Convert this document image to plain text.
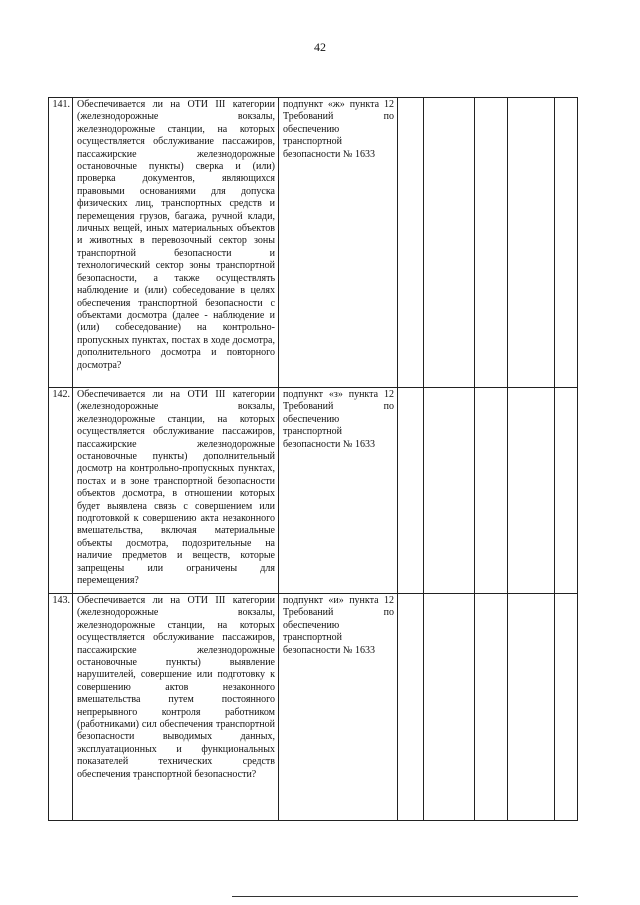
42
141.	Обеспечивается ли на ОТИ III категории (железнодорожные вокзалы, железнодорожные станции, на которых осуществляется обслуживание пассажиров, пассажирские железнодорожные остановочные пункты) сверка и (или) проверка документов, являющихся правовыми основаниями для допуска физических лиц, транспортных средств и перемещения грузов, багажа, ручной клади, личных вещей, иных материальных объектов и животных в перевозочный сектор зоны транспортной безопасности и технологический сектор зоны транспортной безопасности, а также осуществлять наблюдение и (или) собеседование в целях обеспечения транспортной безопасности с объектами досмотра (далее - наблюдение и (или) собеседование) на контрольно-пропускных пунктах, постах в ходе досмотра, дополнительного досмотра и повторного досмотра?	подпункт «ж» пункта 12 Требований по обеспечению транспортной безопасности № 1633					
142.	Обеспечивается ли на ОТИ III категории (железнодорожные вокзалы, железнодорожные станции, на которых осуществляется обслуживание пассажиров, пассажирские железнодорожные остановочные пункты) дополнительный досмотр на контрольно-пропускных пунктах, постах и в зоне транспортной безопасности объектов досмотра, в отношении которых будет выявлена связь с совершением или подготовкой к совершению акта незаконного вмешательства, включая материальные объекты досмотра, подозрительные на наличие предметов и веществ, которые запрещены или ограничены для перемещения?	подпункт «з» пункта 12 Требований по обеспечению транспортной безопасности № 1633					
143.	Обеспечивается ли на ОТИ III категории (железнодорожные вокзалы, железнодорожные станции, на которых осуществляется обслуживание пассажиров, пассажирские железнодорожные остановочные пункты) выявление нарушителей, совершение или подготовку к совершению актов незаконного вмешательства путем постоянного непрерывного контроля работником (работниками) сил обеспечения транспортной безопасности выводимых данных, эксплуатационных и функциональных показателей технических средств обеспечения транспортной безопасности?	подпункт «и» пункта 12 Требований по обеспечению транспортной безопасности № 1633					
